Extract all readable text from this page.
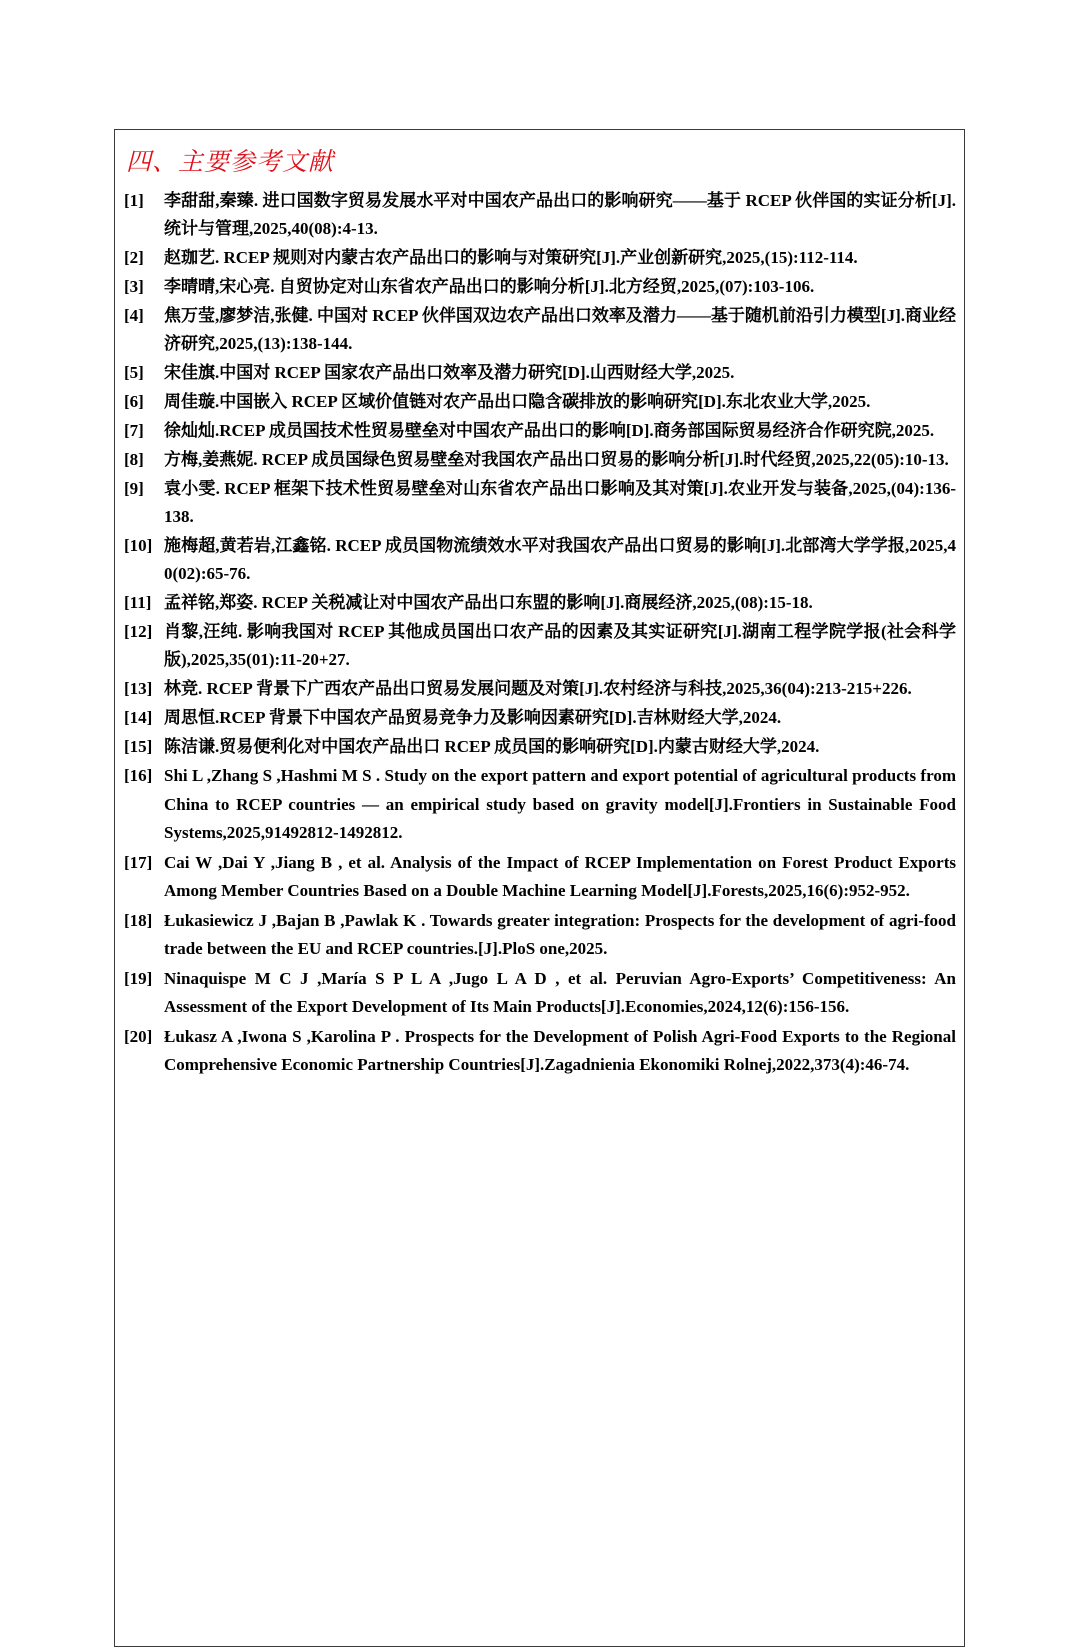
四、主要参考文献
[1]	李甜甜,秦臻. 进口国数字贸易发展水平对中国农产品出口的影响研究——基于 RCEP 伙伴国的实证分析[J].统计与管理,2025,40(08):4-13.
[2]	赵珈艺. RCEP 规则对内蒙古农产品出口的影响与对策研究[J].产业创新研究,2025,(15):112-114.
[3]	李晴晴,宋心亮. 自贸协定对山东省农产品出口的影响分析[J].北方经贸,2025,(07):103-106.
[4]	焦万莹,廖梦洁,张健. 中国对 RCEP 伙伴国双边农产品出口效率及潜力——基于随机前沿引力模型[J].商业经济研究,2025,(13):138-144.
[5]	宋佳旗.中国对 RCEP 国家农产品出口效率及潜力研究[D].山西财经大学,2025.
[6]	周佳璇.中国嵌入 RCEP 区域价值链对农产品出口隐含碳排放的影响研究[D].东北农业大学,2025.
[7]	徐灿灿.RCEP 成员国技术性贸易壁垒对中国农产品出口的影响[D].商务部国际贸易经济合作研究院,2025.
[8]	方梅,姜燕妮. RCEP 成员国绿色贸易壁垒对我国农产品出口贸易的影响分析[J].时代经贸,2025,22(05):10-13.
[9]	袁小雯. RCEP 框架下技术性贸易壁垒对山东省农产品出口影响及其对策[J].农业开发与装备,2025,(04):136-138.
[10] 施梅超,黄若岩,江鑫铭. RCEP 成员国物流绩效水平对我国农产品出口贸易的影响[J].北部湾大学学报,2025,40(02):65-76.
[11] 孟祥铭,郑姿. RCEP 关税减让对中国农产品出口东盟的影响[J].商展经济,2025,(08):15-18.
[12] 肖黎,汪纯. 影响我国对 RCEP 其他成员国出口农产品的因素及其实证研究[J].湖南工程学院学报(社会科学版),2025,35(01):11-20+27.
[13] 林竞. RCEP 背景下广西农产品出口贸易发展问题及对策[J].农村经济与科技,2025,36(04):213-215+226.
[14] 周思恒.RCEP 背景下中国农产品贸易竞争力及影响因素研究[D].吉林财经大学,2024.
[15] 陈洁谦.贸易便利化对中国农产品出口 RCEP 成员国的影响研究[D].内蒙古财经大学,2024.
[16] Shi L ,Zhang S ,Hashmi M S . Study on the export pattern and export potential of agricultural products from China to RCEP countries — an empirical study based on gravity model[J].Frontiers in Sustainable Food Systems,2025,91492812-1492812.
[17] Cai W ,Dai Y ,Jiang B , et al. Analysis of the Impact of RCEP Implementation on Forest Product Exports Among Member Countries Based on a Double Machine Learning Model[J].Forests,2025,16(6):952-952.
[18] Łukasiewicz J ,Bajan B ,Pawlak K . Towards greater integration: Prospects for the development of agri-food trade between the EU and RCEP countries.[J].PloS one,2025.
[19] Ninaquispe M C J ,María S P L A ,Jugo L A D , et al. Peruvian Agro-Exports’ Competitiveness: An Assessment of the Export Development of Its Main Products[J].Economies,2024,12(6):156-156.
[20] Łukasz A ,Iwona S ,Karolina P . Prospects for the Development of Polish Agri-Food Exports to the Regional Comprehensive Economic Partnership Countries[J].Zagadnienia Ekonomiki Rolnej,2022,373(4):46-74.
